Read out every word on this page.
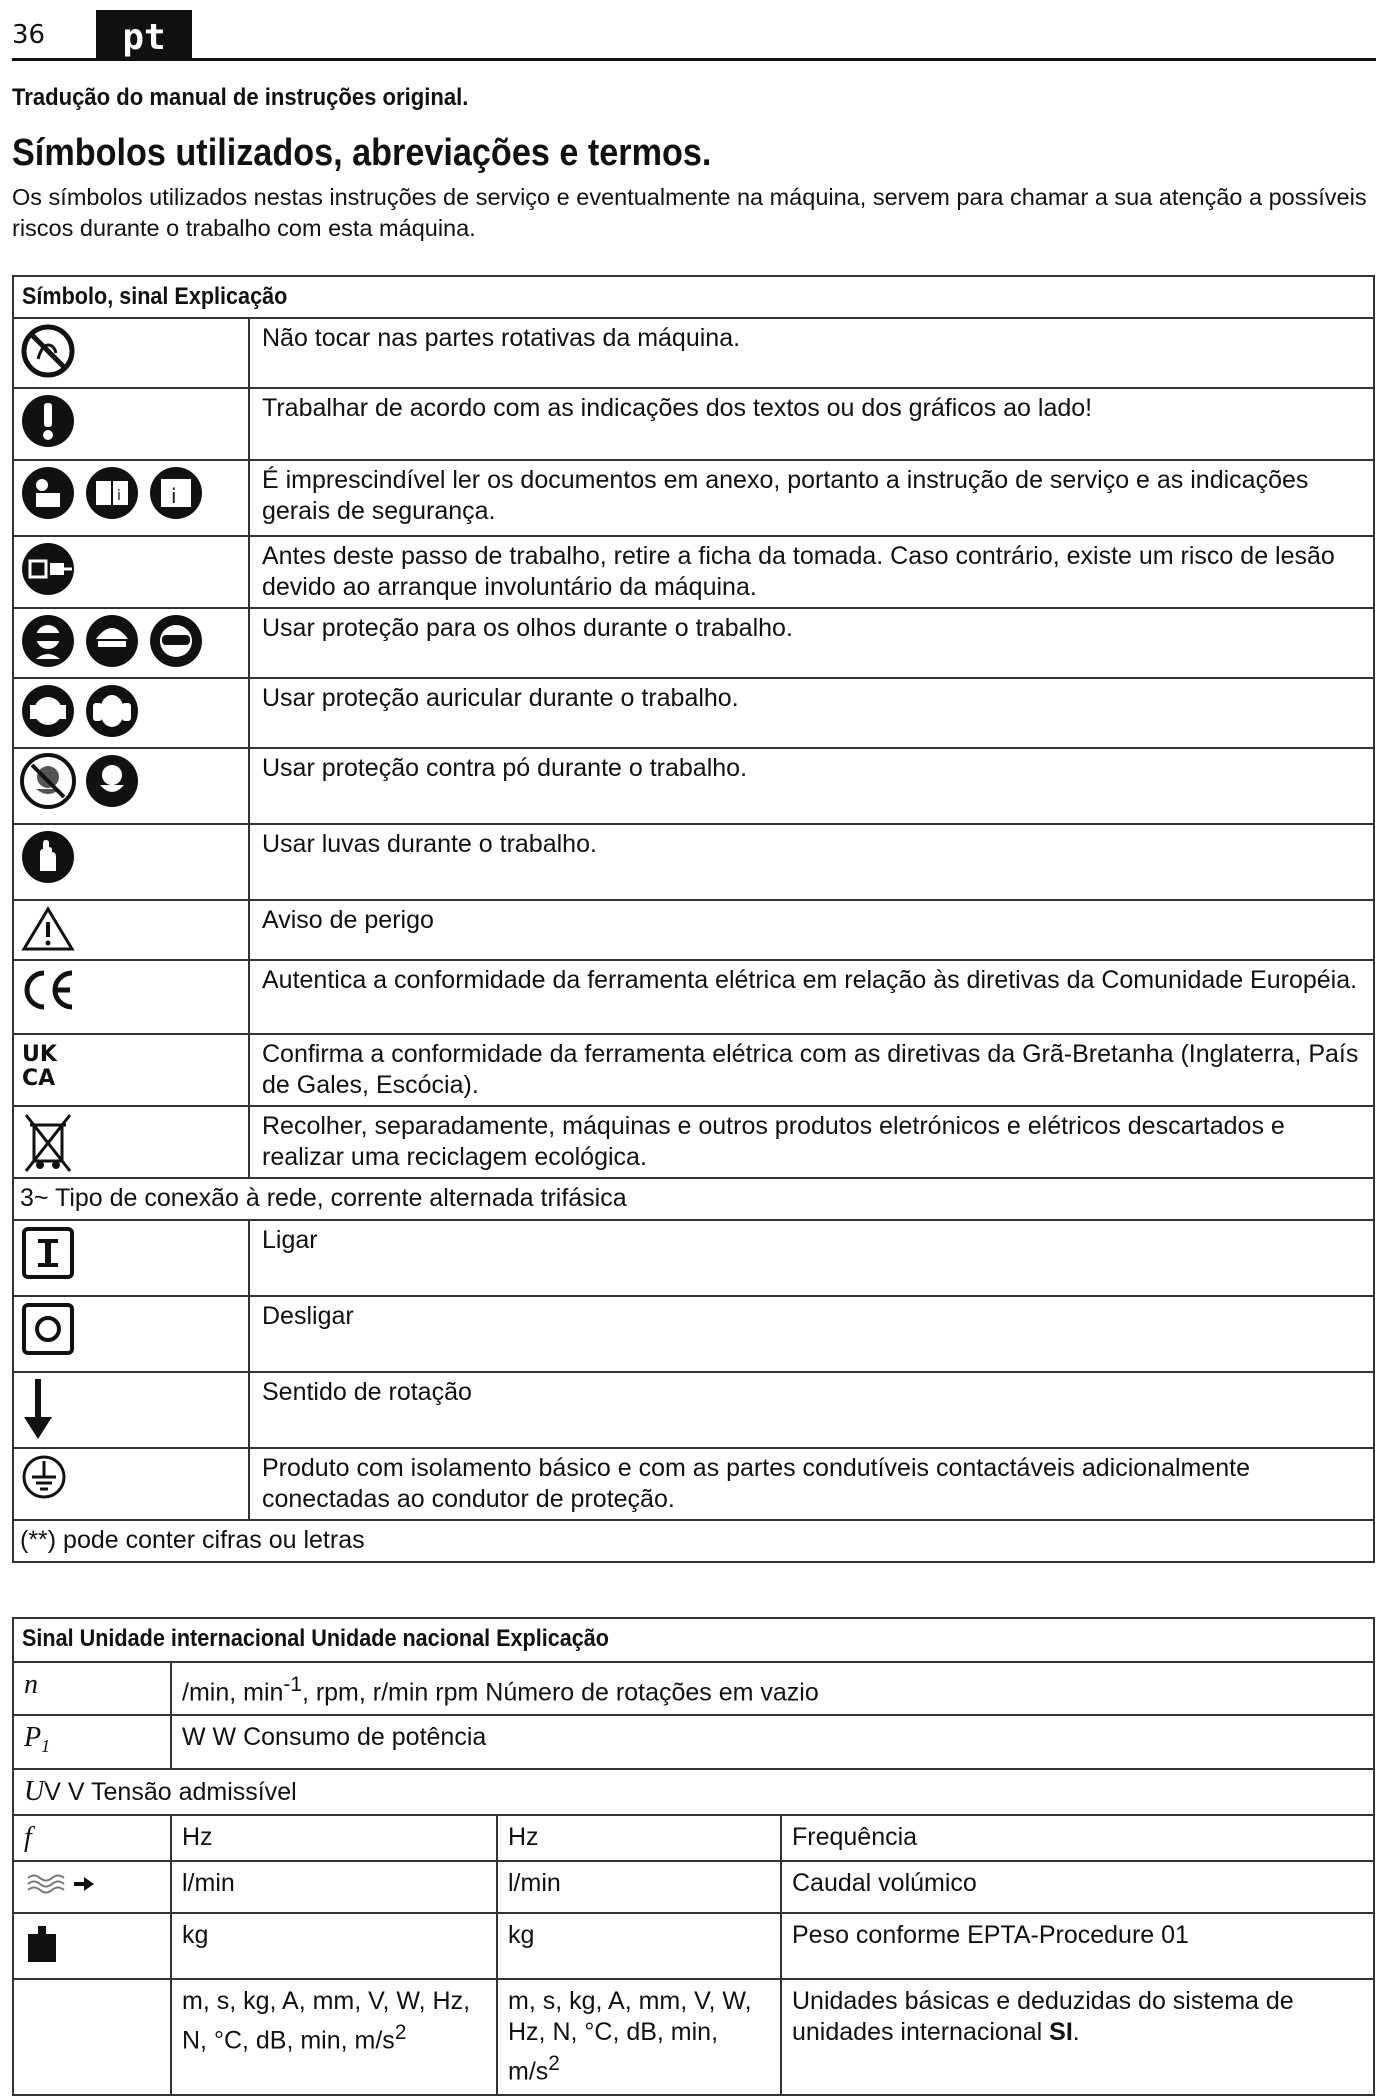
36	pt
Tradução do manual de instruções original.
Símbolos utilizados, abreviações e termos.
Os símbolos utilizados nestas instruções de serviço e eventualmente na máquina, servem para chamar a sua atenção a possíveis riscos durante o trabalho com esta máquina.
Símbolo, sinal Explicação	

	Não tocar nas partes rotativas da máquina.

	Trabalhar de acordo com as indicações dos textos ou dos gráficos ao lado!

i i	É imprescindível ler os documentos em anexo, portanto a instrução de serviço e as indicações gerais de segurança.

	Antes deste passo de trabalho, retire a ficha da tomada. Caso contrário, existe um risco de lesão devido ao arranque involuntário da máquina.

	Usar proteção para os olhos durante o trabalho.

	Usar proteção auricular durante o trabalho.

	Usar proteção contra pó durante o trabalho.

	Usar luvas durante o trabalho.

	Aviso de perigo

	Autentica a conformidade da ferramenta elétrica em relação às diretivas da Comunidade Européia.

UK
CA	Confirma a conformidade da ferramenta elétrica com as diretivas da Grã-Bretanha (Inglaterra, País de Gales, Escócia).

	Recolher, separadamente, máquinas e outros produtos eletrónicos e elétricos descartados e realizar uma reciclagem ecológica.
3~ Tipo de conexão à rede, corrente alternada trifásica	

	Ligar

	Desligar

	Sentido de rotação

	Produto com isolamento básico e com as partes condutíveis contactáveis adicionalmente conectadas ao condutor de proteção.
(**) pode conter cifras ou letras	
Sinal Unidade internacional Unidade nacional Explicação			
n	/min, $\min^{-1}$, rpm, r/min rpm Número de rotações em vazio		
$P_1$	W W Consumo de potência		
UV V Tensão admissível			
f	Hz	Hz	Frequência
	l/min	l/min	Caudal volúmico
	kg	kg	Peso conforme EPTA-Procedure 01
	m, s, kg, A, mm, V, W, Hz, N, °C, dB, min, $m/s^2$	m, s, kg, A, mm, V, W, Hz, N, °C, dB, min, $m/s^2$	Unidades básicas e deduzidas do sistema de unidades internacional SI.
